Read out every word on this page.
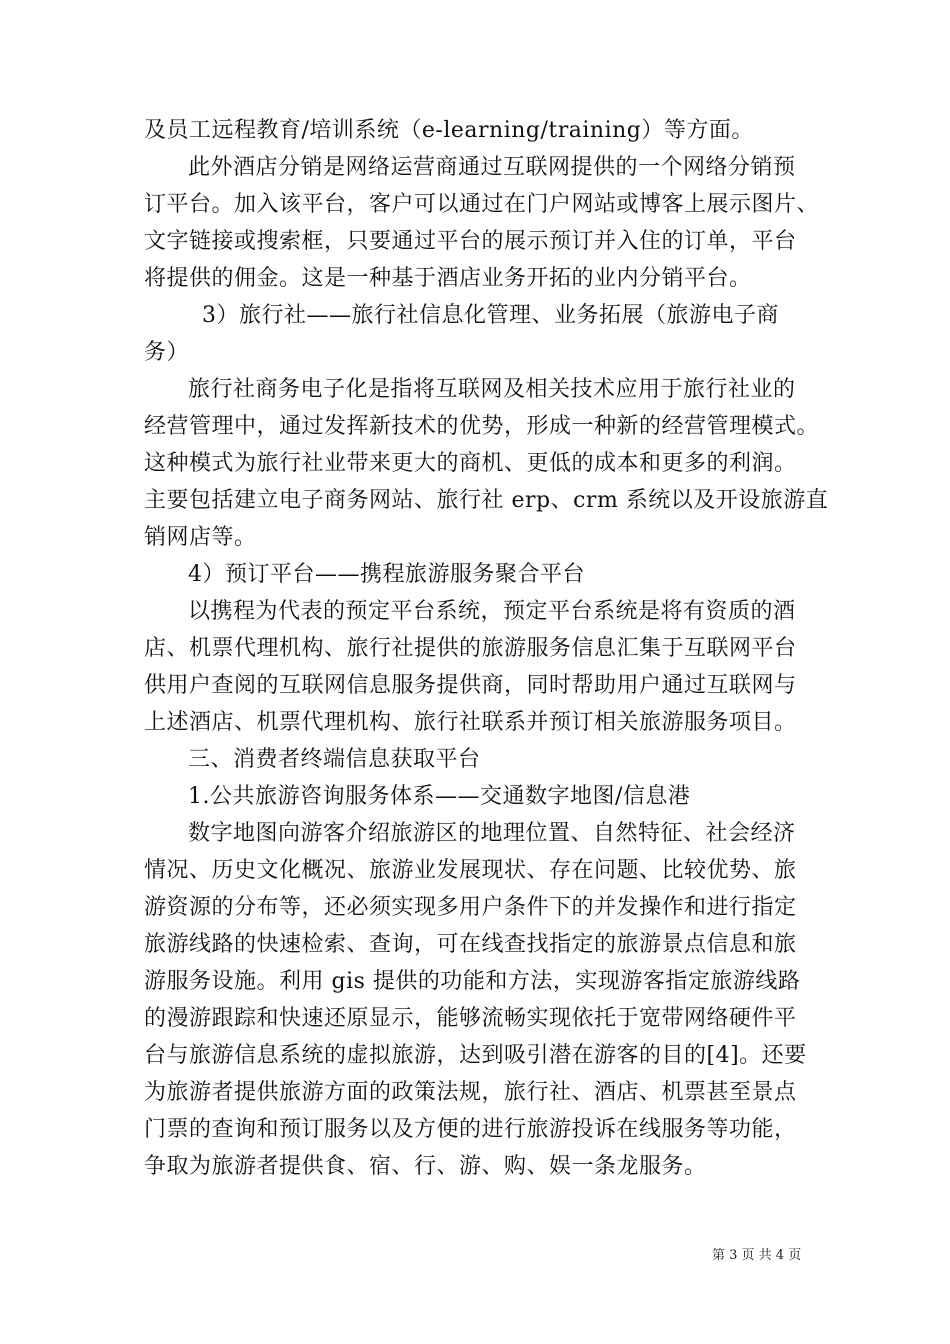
及员工远程教育/培训系统（e-learning/training）等方面。
此外酒店分销是网络运营商通过互联网提供的一个网络分销预
订平台。加入该平台，客户可以通过在门户网站或博客上展示图片、
文字链接或搜索框，只要通过平台的展示预订并入住的订单，平台
将提供的佣金。这是一种基于酒店业务开拓的业内分销平台。
3）旅行社——旅行社信息化管理、业务拓展（旅游电子商
务）
旅行社商务电子化是指将互联网及相关技术应用于旅行社业的
经营管理中，通过发挥新技术的优势，形成一种新的经营管理模式。
这种模式为旅行社业带来更大的商机、更低的成本和更多的利润。
主要包括建立电子商务网站、旅行社 erp、crm 系统以及开设旅游直
销网店等。
4）预订平台——携程旅游服务聚合平台
以携程为代表的预定平台系统，预定平台系统是将有资质的酒
店、机票代理机构、旅行社提供的旅游服务信息汇集于互联网平台
供用户查阅的互联网信息服务提供商，同时帮助用户通过互联网与
上述酒店、机票代理机构、旅行社联系并预订相关旅游服务项目。
三、消费者终端信息获取平台
1.公共旅游咨询服务体系——交通数字地图/信息港
数字地图向游客介绍旅游区的地理位置、自然特征、社会经济
情况、历史文化概况、旅游业发展现状、存在问题、比较优势、旅
游资源的分布等，还必须实现多用户条件下的并发操作和进行指定
旅游线路的快速检索、查询，可在线查找指定的旅游景点信息和旅
游服务设施。利用 gis 提供的功能和方法，实现游客指定旅游线路
的漫游跟踪和快速还原显示，能够流畅实现依托于宽带网络硬件平
台与旅游信息系统的虚拟旅游，达到吸引潜在游客的目的[4]。还要
为旅游者提供旅游方面的政策法规，旅行社、酒店、机票甚至景点
门票的查询和预订服务以及方便的进行旅游投诉在线服务等功能，
争取为旅游者提供食、宿、行、游、购、娱一条龙服务。
第 3 页 共 4 页
